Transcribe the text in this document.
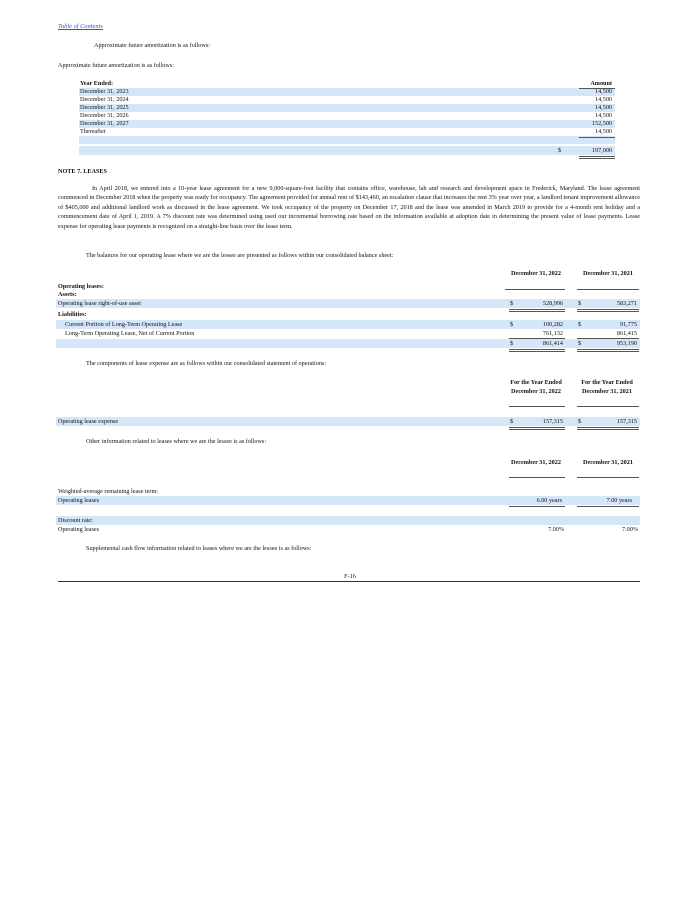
Table of Contents
Approximate future amortization is as follows:
Approximate future amortization is as follows:
Year Ended:	Amount
December 31, 2023	14,500
December 31, 2024	14,500
December 31, 2025	14,500
December 31, 2026	14,500
December 31, 2027	152,500
Thereafter	14,500
$	197,000
NOTE 7. LEASES
In April 2018, we entered into a 10-year lease agreement for a new 9,000-square-foot facility that contains office, warehouse, lab and research and development space in Frederick, Maryland. The lease agreement commenced in December 2018 when the property was ready for occupancy. The agreement provided for annual rent of $143,460, an escalation clause that increases the rent 3% year over year, a landlord tenant improvement allowance of $405,000 and additional landlord work as discussed in the lease agreement. We took occupancy of the property on December 17, 2018 and the lease was amended in March 2019 to provide for a 4-month rent holiday and a commencement date of April 1, 2019. A 7% discount rate was determined using used our incremental borrowing rate based on the information available at adoption date in determining the present value of lease payments. Lease expense for operating lease payments is recognized on a straight-line basis over the lease term.
The balances for our operating lease where we are the lessee are presented as follows within our consolidated balance sheet:
December 31, 2022	December 31, 2021
Operating leases:
Assets:
Operating lease right-of-use asset	$	528,996 $	583,271
Liabilities:
Current Portion of Long-Term Operating Lease	$	100,282 $	91,775
Long-Term Operating Lease, Net of Current Portion	761,132	861,415
$	861,414 $	953,190
The components of lease expense are as follows within our consolidated statement of operations:
For the Year Ended December 31, 2022
For the Year Ended December 31, 2021
Operating lease expense	$	157,315 $	157,315
Other information related to leases where we are the lessee is as follows:
December 31, 2022	December 31, 2021
Weighted-average remaining lease term:
Operating leases	6.00 years	7.00 years
Discount rate:
Operating leases	7.00%	7.00%
Supplemental cash flow information related to leases where we are the lessee is as follows:
F-16
